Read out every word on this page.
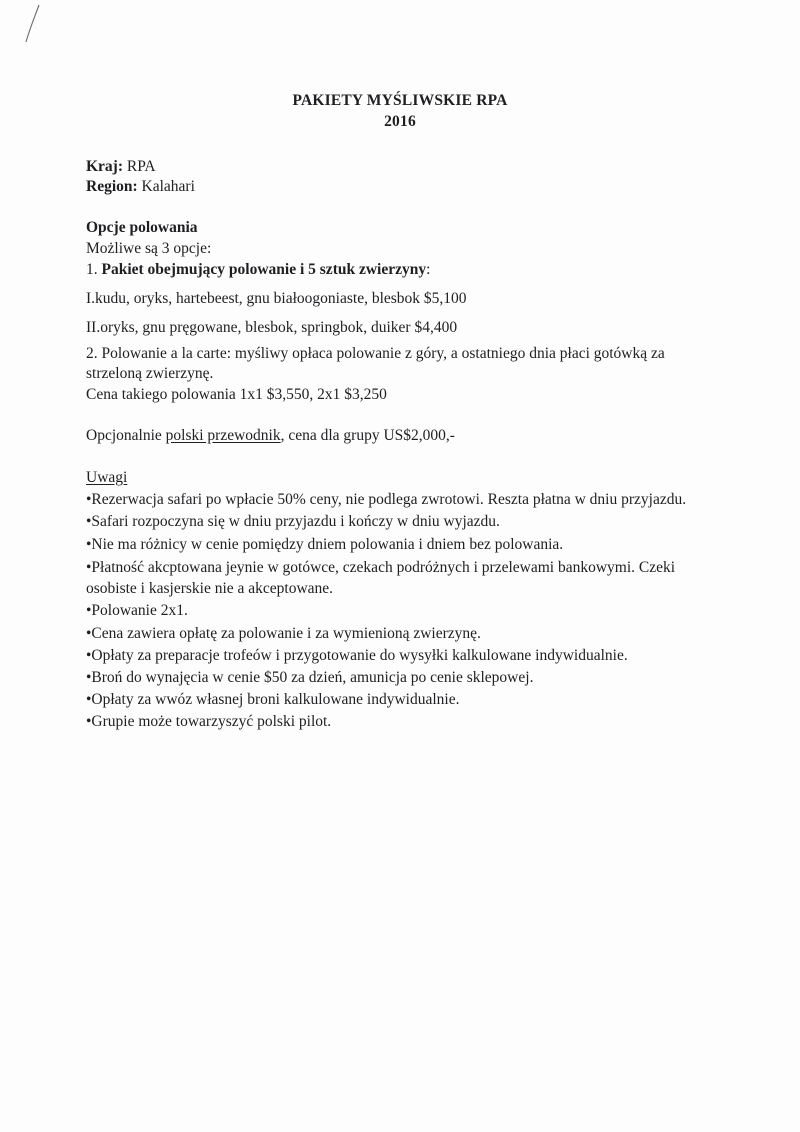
PAKIETY MYŚLIWSKIE RPA
2016
Kraj: RPA
Region: Kalahari
Opcje polowania
Możliwe są 3 opcje:
1. Pakiet obejmujący polowanie i 5 sztuk zwierzyny:
I.kudu, oryks, hartebeest, gnu białoogoniaste, blesbok $5,100
II.oryks, gnu pręgowane, blesbok, springbok, duiker $4,400
2. Polowanie a la carte: myśliwy opłaca polowanie z góry, a ostatniego dnia płaci gotówką za
strzeloną zwierzynę.
Cena takiego polowania 1x1 $3,550, 2x1 $3,250
Opcjonalnie polski przewodnik, cena dla grupy US$2,000,-
Uwagi
•Rezerwacja safari po wpłacie 50% ceny, nie podlega zwrotowi. Reszta płatna w dniu przyjazdu.
•Safari rozpoczyna się w dniu przyjazdu i kończy w dniu wyjazdu.
•Nie ma różnicy w cenie pomiędzy dniem polowania i dniem bez polowania.
•Płatność akcptowana jeynie w gotówce, czekach podróżnych i przelewami bankowymi. Czeki
osobiste i kasjerskie nie a akceptowane.
•Polowanie 2x1.
•Cena zawiera opłatę za polowanie i za wymienioną zwierzynę.
•Opłaty za preparacje trofeów i przygotowanie do wysyłki kalkulowane indywidualnie.
•Broń do wynajęcia w cenie $50 za dzień, amunicja po cenie sklepowej.
•Opłaty za wwóz własnej broni kalkulowane indywidualnie.
•Grupie może towarzyszyć polski pilot.
